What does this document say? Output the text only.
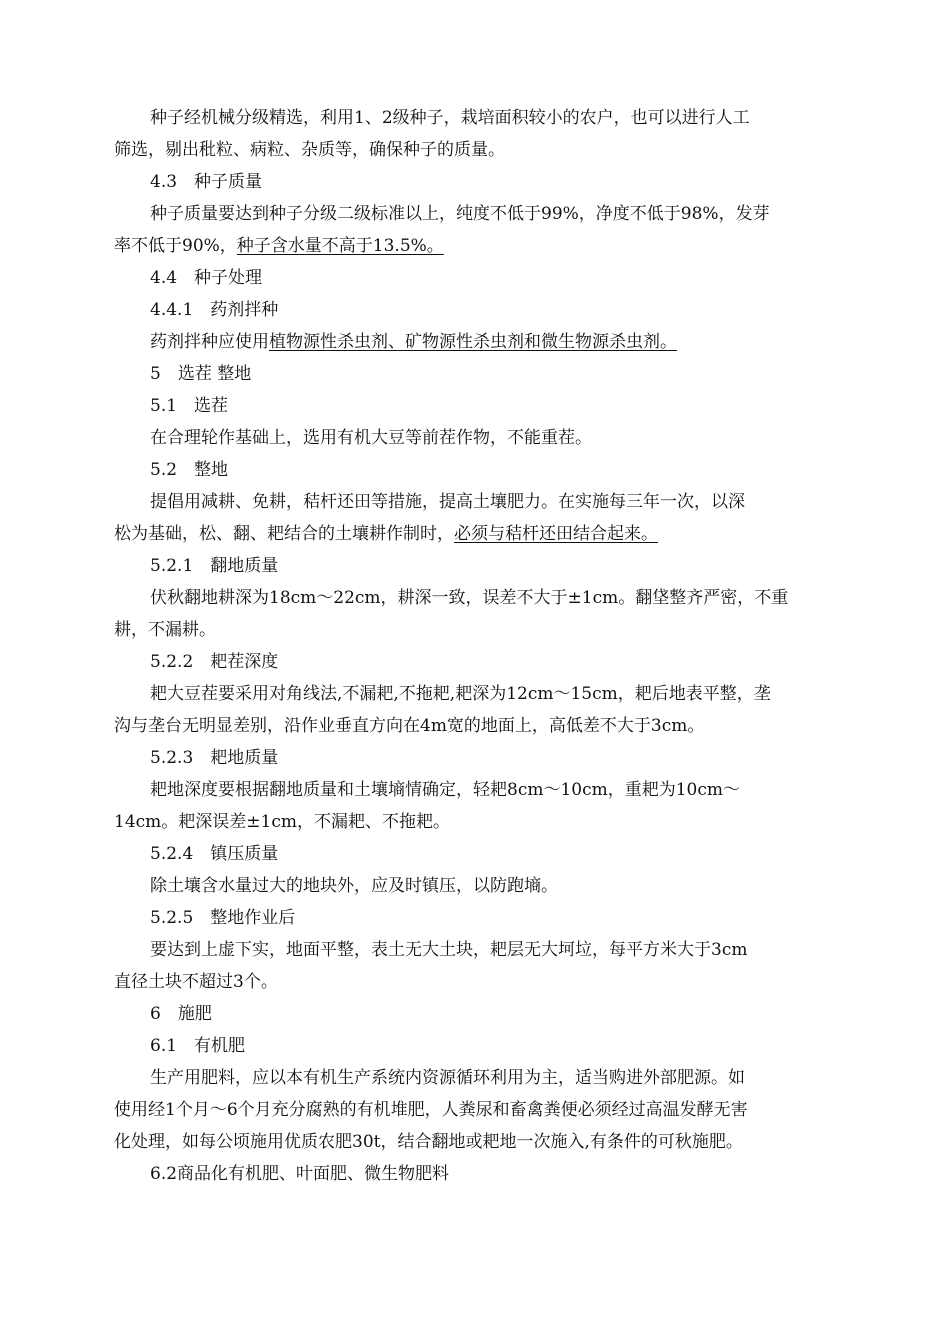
种子经机械分级精选，利用1、2级种子，栽培面积较小的农户，也可以进行人工
筛选，剔出秕粒、病粒、杂质等，确保种子的质量。
4.3　种子质量
种子质量要达到种子分级二级标准以上，纯度不低于99%，净度不低于98%，发芽
率不低于90%，种子含水量不高于13.5%。
4.4　种子处理
4.4.1　药剂拌种
药剂拌种应使用植物源性杀虫剂、矿物源性杀虫剂和微生物源杀虫剂。
5　选茬 整地
5.1　选茬
在合理轮作基础上，选用有机大豆等前茬作物，不能重茬。
5.2　整地
提倡用减耕、免耕，秸杆还田等措施，提高土壤肥力。在实施每三年一次，以深
松为基础，松、翻、耙结合的土壤耕作制时，必须与秸杆还田结合起来。
5.2.1　翻地质量
伏秋翻地耕深为18cm～22cm，耕深一致，误差不大于±1cm。翻垡整齐严密，不重
耕，不漏耕。
5.2.2　耙茬深度
耙大豆茬要采用对角线法,不漏耙,不拖耙,耙深为12cm～15cm，耙后地表平整，垄
沟与垄台无明显差别，沿作业垂直方向在4m宽的地面上，高低差不大于3cm。
5.2.3　耙地质量
耙地深度要根据翻地质量和土壤墒情确定，轻耙8cm～10cm，重耙为10cm～
14cm。耙深误差±1cm，不漏耙、不拖耙。
5.2.4　镇压质量
除土壤含水量过大的地块外，应及时镇压，以防跑墒。
5.2.5　整地作业后
要达到上虚下实，地面平整，表土无大土块，耙层无大坷垃，每平方米大于3cm
直径土块不超过3个。
6　施肥
6.1　有机肥
生产用肥料，应以本有机生产系统内资源循环利用为主，适当购进外部肥源。如
使用经1个月～6个月充分腐熟的有机堆肥，人粪尿和畜禽粪便必须经过高温发酵无害
化处理，如每公顷施用优质农肥30t，结合翻地或耙地一次施入,有条件的可秋施肥。
6.2商品化有机肥、叶面肥、微生物肥料
